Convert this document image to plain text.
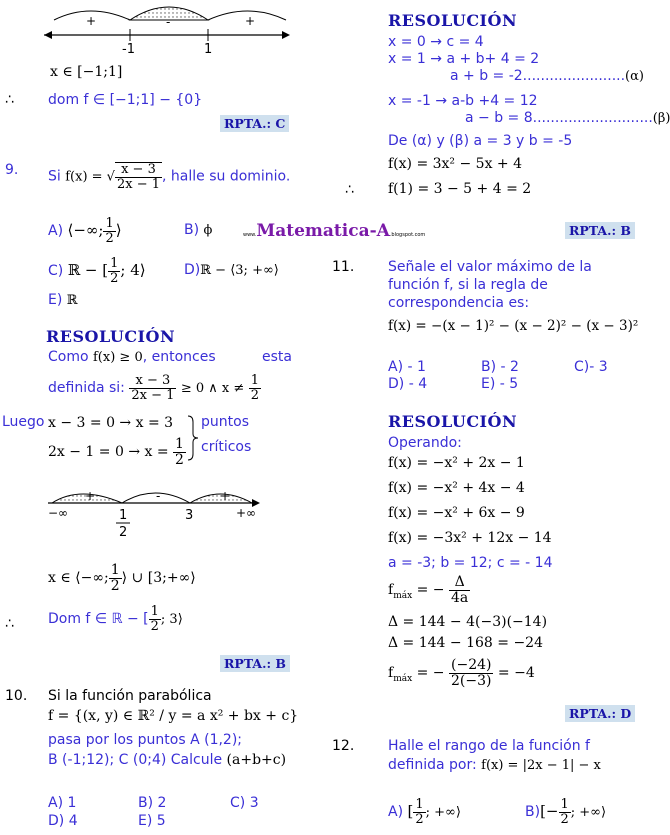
+	-	+
-1	1
x ∈ [−1;1]
∴ dom f ∈ [−1;1] − {0}
RPTA.: C
9. Si f(x) = √ $\frac{x - 3}{2x - 1}$ , halle su dominio.
A) ⟨−∞; $\frac{1}{2}$ ⟩	B) ϕ
C) ℝ − [ $\frac{1}{2}$ ; 4⟩	D)ℝ − ⟨3; +∞⟩
E) ℝ
RESOLUCIÓN
Como f(x) ≥ 0, entonces	esta
definida si: $\frac{x - 3}{2x - 1} \ge 0$ ∧ $x \ne \frac{1}{2}$
Luego x − 3 = 0 → x = 3
$2x - 1 = 0 \to x = \frac{1}{2}$
puntos
críticos
+	-	+
−∞	1
2
3	+∞
x ∈ ⟨−∞; $\frac{1}{2}$ ⟩ ∪ [3;+∞⟩
∴ Dom f ∈ ℝ − [ $\frac{1}{2}$ ; 3⟩
RPTA.: B
10. Si la función parabólica
f = {(x, y) ∈ ℝ² / y = a x² + bx + c}
pasa por los puntos A (1,2);
B (-1;12); C (0;4) Calcule (a+b+c)
A) 1	B) 2	C) 3
D) 4	E) 5
RESOLUCIÓN
x = 0 → c = 4
x = 1 → a + b+ 4 = 2
a + b = -2.......................(α)
x = -1 → a-b +4 = 12
a − b = 8...........................(β)
De (α) y (β) a = 3 y b = -5
f(x) = 3x² − 5x + 4
∴ f(1) = 3 − 5 + 4 = 2
www.Matematica-A.blogspot.com	RPTA.: B
11. Señale el valor máximo de la
función f, si la regla de
correspondencia es:
f(x) = −(x − 1)² − (x − 2)² − (x − 3)²
A) - 1	B) - 2	C)- 3
D) - 4	E) - 5
RESOLUCIÓN
Operando:
f(x) = −x² + 2x − 1
f(x) = −x² + 4x − 4
f(x) = −x² + 6x − 9
f(x) = −3x² + 12x − 14
a = -3; b = 12; c = - 14
$f_{máx}$ = − $\frac{\Delta}{4a}$
Δ = 144 − 4(−3)(−14)
Δ = 144 − 168 = −24
$f_{máx}$ = − $\frac{(-24)}{2(-3)} = -4$
RPTA.: D
12. Halle el rango de la función f
definida por: f(x) = |2x − 1| − x
A) [ $\frac{1}{2}$ ; +∞⟩	$B)[- \frac{1}{2}$ ; +∞⟩
